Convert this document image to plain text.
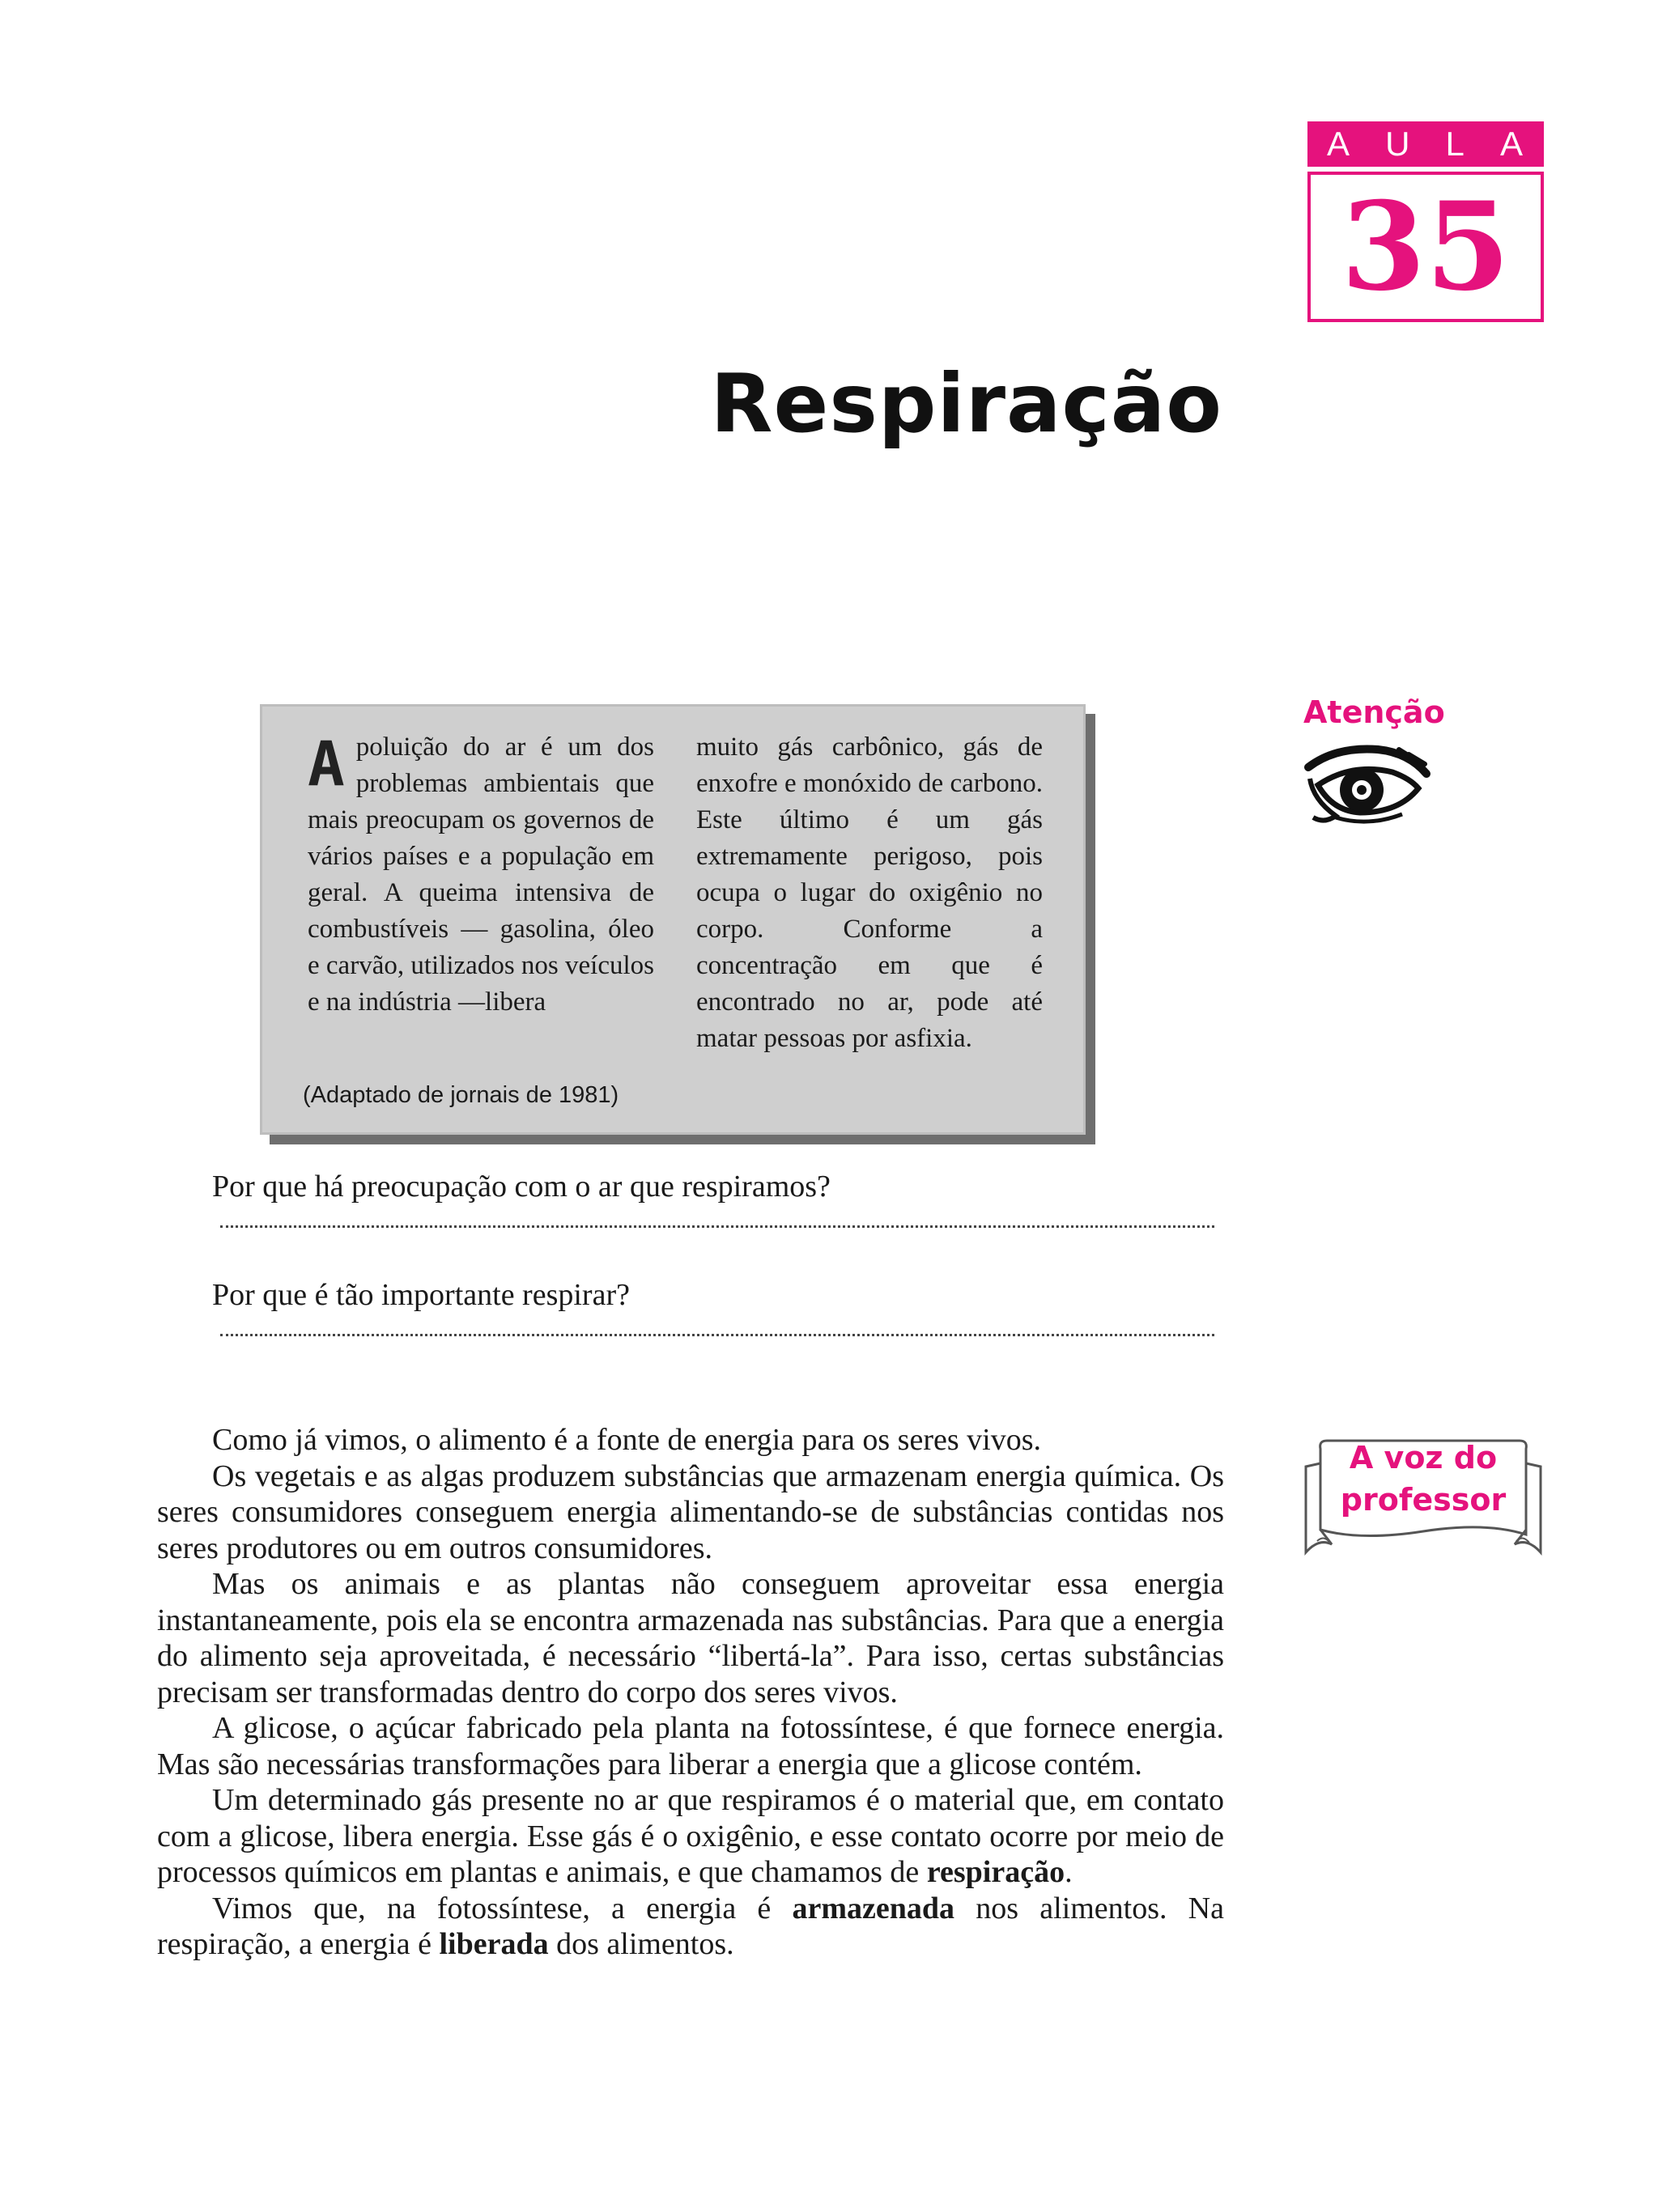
A U L A
35
Respiração
Atenção
Apoluição do ar é um dos problemas ambientais que mais preocupam os governos de vários países e a população em geral. A queima intensiva de combustíveis — gasolina, óleo e carvão, utilizados nos veículos e na indústria —libera
muito gás carbônico, gás de enxofre e monóxido de carbono. Este último é um gás extremamente perigoso, pois ocupa o lugar do oxigênio no corpo. Conforme a concentração em que é encontrado no ar, pode até matar pessoas por asfixia.
(Adaptado de jornais de 1981)
Por que há preocupação com o ar que respiramos?
Por que é tão importante respirar?
A voz do
professor

Como já vimos, o alimento é a fonte de energia para os seres vivos.

Os vegetais e as algas produzem substâncias que armazenam energia química. Os seres consumidores conseguem energia alimentando-se de substâncias contidas nos seres produtores ou em outros consumidores.

Mas os animais e as plantas não conseguem aproveitar essa energia instantaneamente, pois ela se encontra armazenada nas substâncias. Para que a energia do alimento seja aproveitada, é necessário “libertá-la”. Para isso, certas substâncias precisam ser transformadas dentro do corpo dos seres vivos.

A glicose, o açúcar fabricado pela planta na fotossíntese, é que fornece energia. Mas são necessárias transformações para liberar a energia que a glicose contém.

Um determinado gás presente no ar que respiramos é o material que, em contato com a glicose, libera energia. Esse gás é o oxigênio, e esse contato ocorre por meio de processos químicos em plantas e animais, e que chamamos de respiração.

Vimos que, na fotossíntese, a energia é armazenada nos alimentos. Na respiração, a energia é liberada dos alimentos.
